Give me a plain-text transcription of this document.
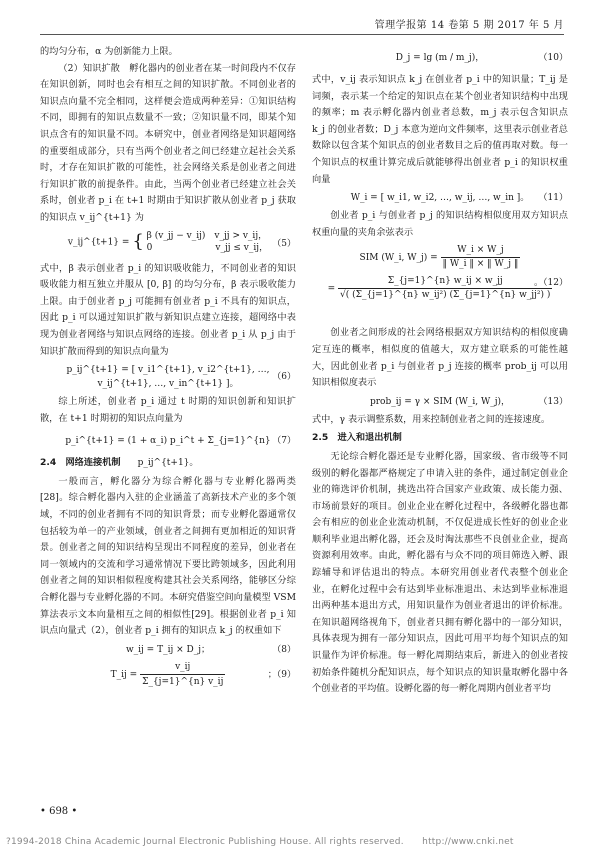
管理学报第 14 卷第 5 期 2017 年 5 月

的均匀分布，α 为创新能力上限。

（2）知识扩散　孵化器内的创业者在某一时间段内不仅存在知识创新，同时也会有相互之间的知识扩散。不同创业者的知识点向量不完全相同，这样便会造成两种差异：①知识结构不同，即拥有的知识点数量不一致；②知识量不同，即某个知识点含有的知识量不同。本研究中，创业者网络是知识超网络的重要组成部分，只有当两个创业者之间已经建立起社会关系时，才存在知识扩散的可能性，社会网络关系是创业者之间进行知识扩散的前提条件。由此，当两个创业者已经建立社会关系时，创业者 p_i 在 t+1 时期由于知识扩散从创业者 p_j 获取的知识点 v_ij^{t+1} 为

v_ij^{t+1} = { β (v_jj − v_ij)　v_jj > v_ij，
0　　　　　　　v_jj ≤ v_ij， （5）

式中，β 表示创业者 p_i 的知识吸收能力，不同创业者的知识吸收能力相互独立并服从 [0, β] 的均匀分布，β 表示吸收能力上限。由于创业者 p_j 可能拥有创业者 p_i 不具有的知识点，因此 p_i 可以通过知识扩散与新知识点建立连接，超网络中表现为创业者网络与知识点网络的连接。创业者 p_i 从 p_j 由于知识扩散而得到的知识点向量为

p_ij^{t+1} = [ v_i1^{t+1}, v_i2^{t+1}, …, v_ij^{t+1}, …, v_in^{t+1} ]。
（6）

综上所述，创业者 p_i 通过 t 时期的知识创新和知识扩散，在 t+1 时期初的知识点向量为

p_i^{t+1} = (1 + α_i) p_i^t + Σ_{j=1}^{n} p_ij^{t+1}。
（7）
2.4　网络连接机制

一般而言，孵化器分为综合孵化器与专业孵化器两类[28]。综合孵化器内入驻的企业涵盖了高新技术产业的多个领域，不同的创业者拥有不同的知识背景；而专业孵化器通常仅包括较为单一的产业领域，创业者之间拥有更加相近的知识背景。创业者之间的知识结构呈现出不同程度的差异，创业者在同一领域内的交流和学习通常情况下要比跨领域多，因此利用创业者之间的知识相似程度构建其社会关系网络，能够区分综合孵化器与专业孵化器的不同。本研究借鉴空间向量模型 VSM 算法表示文本向量相互之间的相似性[29]。根据创业者 p_i 知识点向量式（2），创业者 p_i 拥有的知识点 k_j 的权重如下

w_ij = T_ij × D_j；	（8）
T_ij = $\frac{v\_ij}{\Sigma\_\{j=1\}\^{}\{n\} v\_ij}$	；（9）
D_j = lg (m / m_j)，	（10）

式中，v_ij 表示知识点 k_j 在创业者 p_i 中的知识量；T_ij 是词频，表示某一个给定的知识点在某个创业者知识结构中出现的频率；m 表示孵化器内创业者总数，m_j 表示包含知识点 k_j 的创业者数；D_j 本意为逆向文件频率，这里表示创业者总数除以包含某个知识点的创业者数目之后的值再取对数。每一个知识点的权重计算完成后就能够得出创业者 p_i 的知识权重向量

W_i = [ w_i1, w_i2, …, w_ij, …, w_in ]。 （11）

创业者 p_i 与创业者 p_j 的知识结构相似度用双方知识点权重向量的夹角余弦表示

SIM (W_i, W_j) = $\frac{W\_i \times W\_j}{‖ W\_i ‖ \times ‖ W\_j ‖}$
= $\frac{\Sigma\_\{j=1\}\^{}\{n\} w\_ij \times w\_jj}{\text{√( (Σ\_\{j=1\}\textasciicircum{}\{n\} w\_ij²) (Σ\_\{j=1\}\textasciicircum{}\{n\} w\_jj²) )}}$
。（12）

创业者之间形成的社会网络根据双方知识结构的相似度确定互连的概率，相似度的值越大，双方建立联系的可能性越大，因此创业者 p_i 与创业者 p_j 连接的概率 prob_ij 可以用知识相似度表示

prob_ij = γ × SIM (W_i, W_j)，	（13）

式中，γ 表示调整系数，用来控制创业者之间的连接速度。

2.5　进入和退出机制

无论综合孵化器还是专业孵化器，国家级、省市级等不同级别的孵化器都严格规定了申请入驻的条件，通过制定创业企业的筛选评价机制，挑选出符合国家产业政策、成长能力强、市场前景好的项目。创业企业在孵化过程中，各级孵化器也都会有相应的创业企业流动机制，不仅促进成长性好的创业企业顺利毕业退出孵化器，还会及时淘汰那些不良创业企业，提高资源利用效率。由此，孵化器有与众不同的项目筛选入孵、跟踪辅导和评估退出的特点。本研究用创业者代表整个创业企业，在孵化过程中会有达到毕业标准退出、未达到毕业标准退出两种基本退出方式，用知识量作为创业者退出的评价标准。在知识超网络视角下，创业者只拥有孵化器中的一部分知识，具体表现为拥有一部分知识点，因此可用平均每个知识点的知识量作为评价标准。每一孵化周期结束后，新进入的创业者按初始条件随机分配知识点，每个知识点的知识量取孵化器中各个创业者的平均值。设孵化器的每一孵化周期内创业者平均

• 698 •
?1994-2018 China Academic Journal Electronic Publishing House. All rights reserved.　　http://www.cnki.net
